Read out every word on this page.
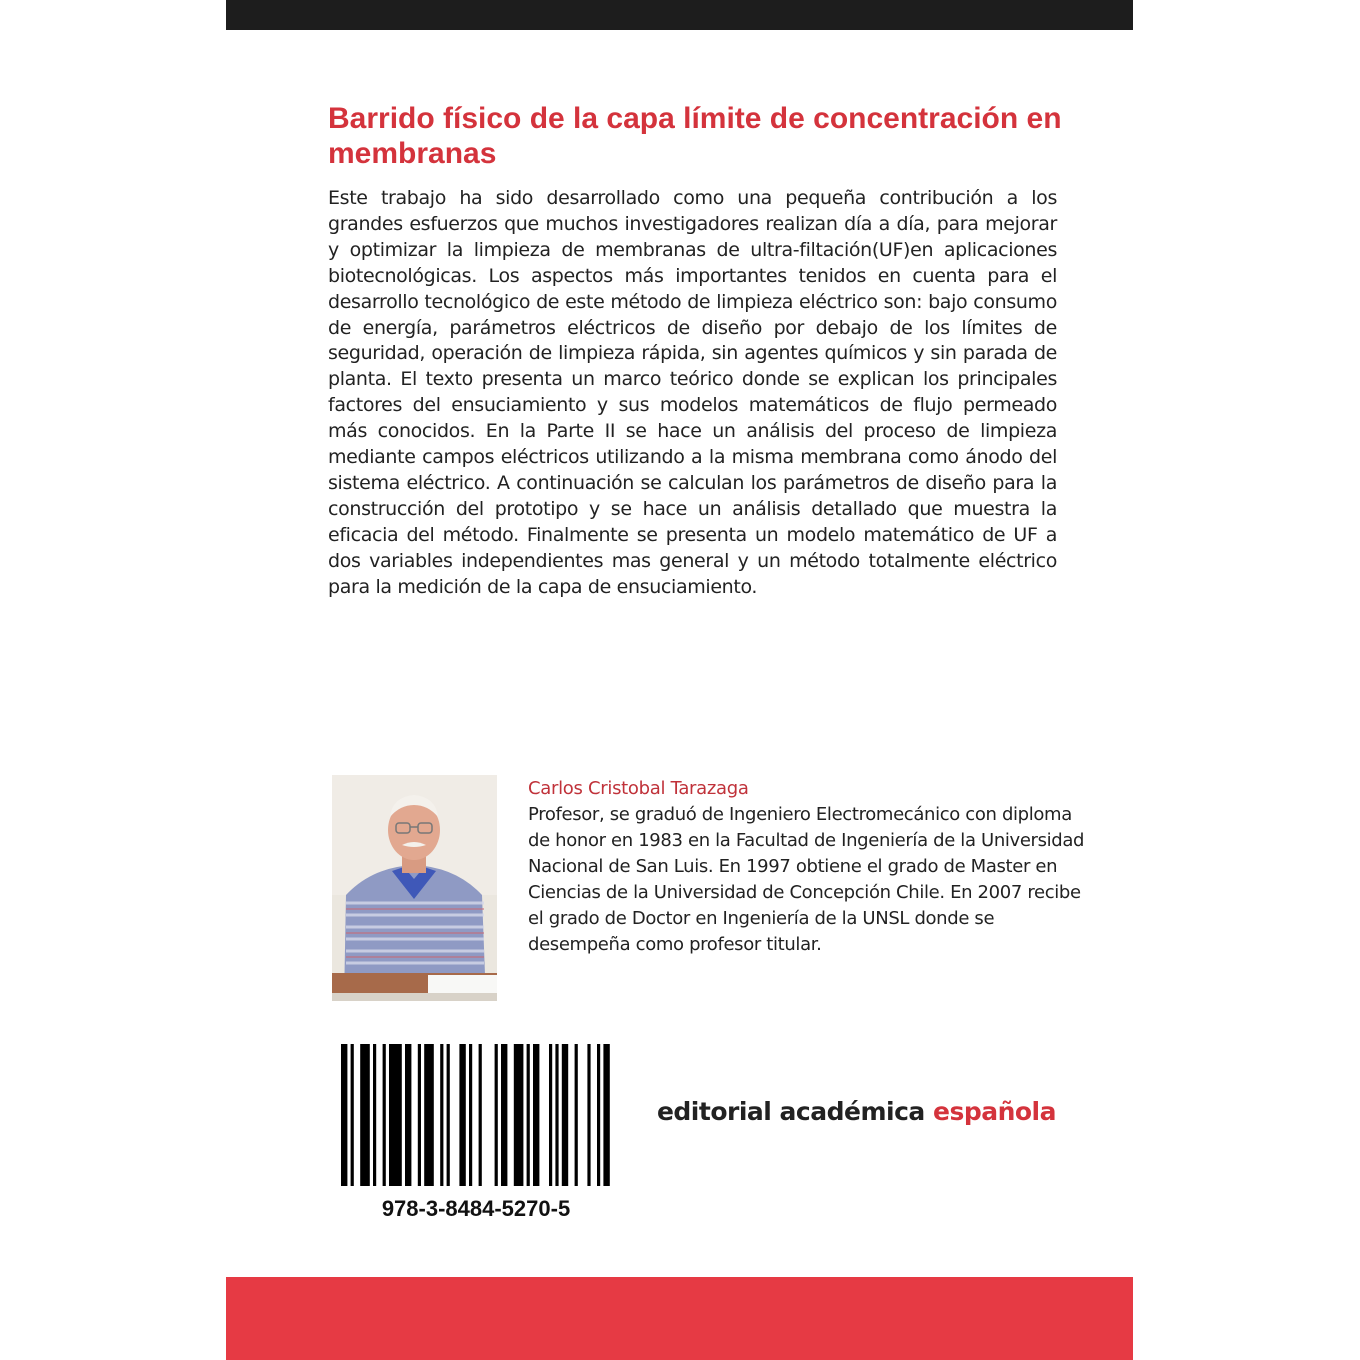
Barrido físico de la capa límite de concentración en membranas

Este trabajo ha sido desarrollado como una pequeña contribución a los grandes esfuerzos que muchos investigadores realizan día a día, para mejorar y optimizar la limpieza de membranas de ultra-filtación(UF)en aplicaciones biotecnológicas. Los aspectos más importantes tenidos en cuenta para el desarrollo tecnológico de este método de limpieza eléctrico son: bajo consumo de energía, parámetros eléctricos de diseño por debajo de los límites de seguridad, operación de limpieza rápida, sin agentes químicos y sin parada de planta. El texto presenta un marco teórico donde se explican los principales factores del ensuciamiento y sus modelos matemáticos de flujo permeado más conocidos. En la Parte II se hace un análisis del proceso de limpieza mediante campos eléctricos utilizando a la misma membrana como ánodo del sistema eléctrico. A continuación se calculan los parámetros de diseño para la construcción del prototipo y se hace un análisis detallado que muestra la eficacia del método. Finalmente se presenta un modelo matemático de UF a dos variables independientes mas general y un método totalmente eléctrico para la medición de la capa de ensuciamiento.

Carlos Cristobal Tarazaga

Profesor, se graduó de Ingeniero Electromecánico con diploma de honor en 1983 en la Facultad de Ingeniería de la Universidad Nacional de San Luis. En 1997 obtiene el grado de Master en Ciencias de la Universidad de Concepción Chile. En 2007 recibe el grado de Doctor en Ingeniería de la UNSL donde se desempeña como profesor titular.

978-3-8484-5270-5
editorial académica española
